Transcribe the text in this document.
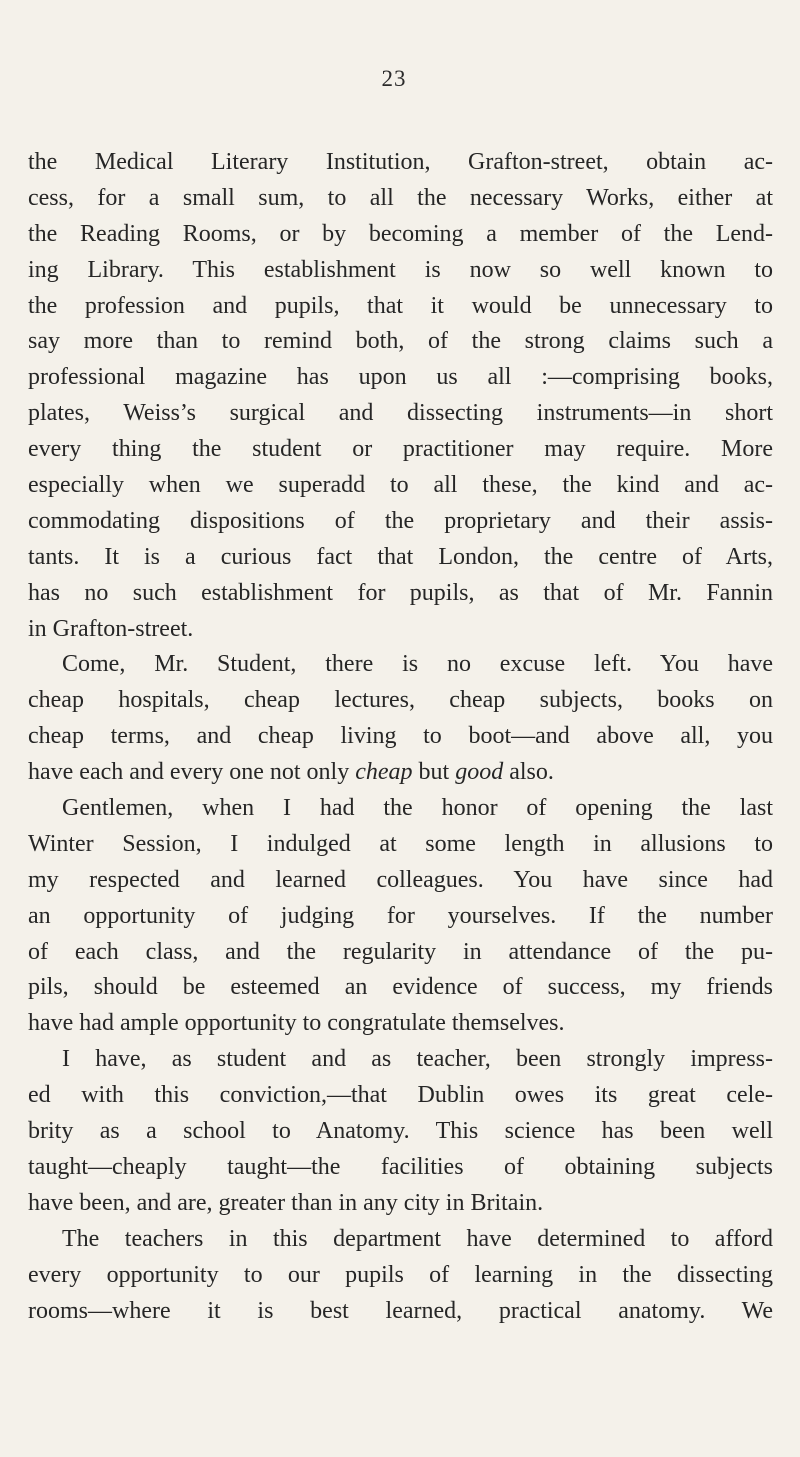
23
the Medical Literary Institution, Grafton-street, obtain ac-
cess, for a small sum, to all the necessary Works, either at
the Reading Rooms, or by becoming a member of the Lend-
ing Library. This establishment is now so well known to
the profession and pupils, that it would be unnecessary to
say more than to remind both, of the strong claims such a
professional magazine has upon us all :—comprising books,
plates, Weiss’s surgical and dissecting instruments—in short
every thing the student or practitioner may require. More
especially when we superadd to all these, the kind and ac-
commodating dispositions of the proprietary and their assis-
tants. It is a curious fact that London, the centre of Arts,
has no such establishment for pupils, as that of Mr. Fannin
in Grafton-street.
Come, Mr. Student, there is no excuse left. You have
cheap hospitals, cheap lectures, cheap subjects, books on
cheap terms, and cheap living to boot—and above all, you
have each and every one not only cheap but good also.
Gentlemen, when I had the honor of opening the last
Winter Session, I indulged at some length in allusions to
my respected and learned colleagues. You have since had
an opportunity of judging for yourselves. If the number
of each class, and the regularity in attendance of the pu-
pils, should be esteemed an evidence of success, my friends
have had ample opportunity to congratulate themselves.
I have, as student and as teacher, been strongly impress-
ed with this conviction,—that Dublin owes its great cele-
brity as a school to Anatomy. This science has been well
taught—cheaply taught—the facilities of obtaining subjects
have been, and are, greater than in any city in Britain.
The teachers in this department have determined to afford
every opportunity to our pupils of learning in the dissecting
rooms—where it is best learned, practical anatomy. We
